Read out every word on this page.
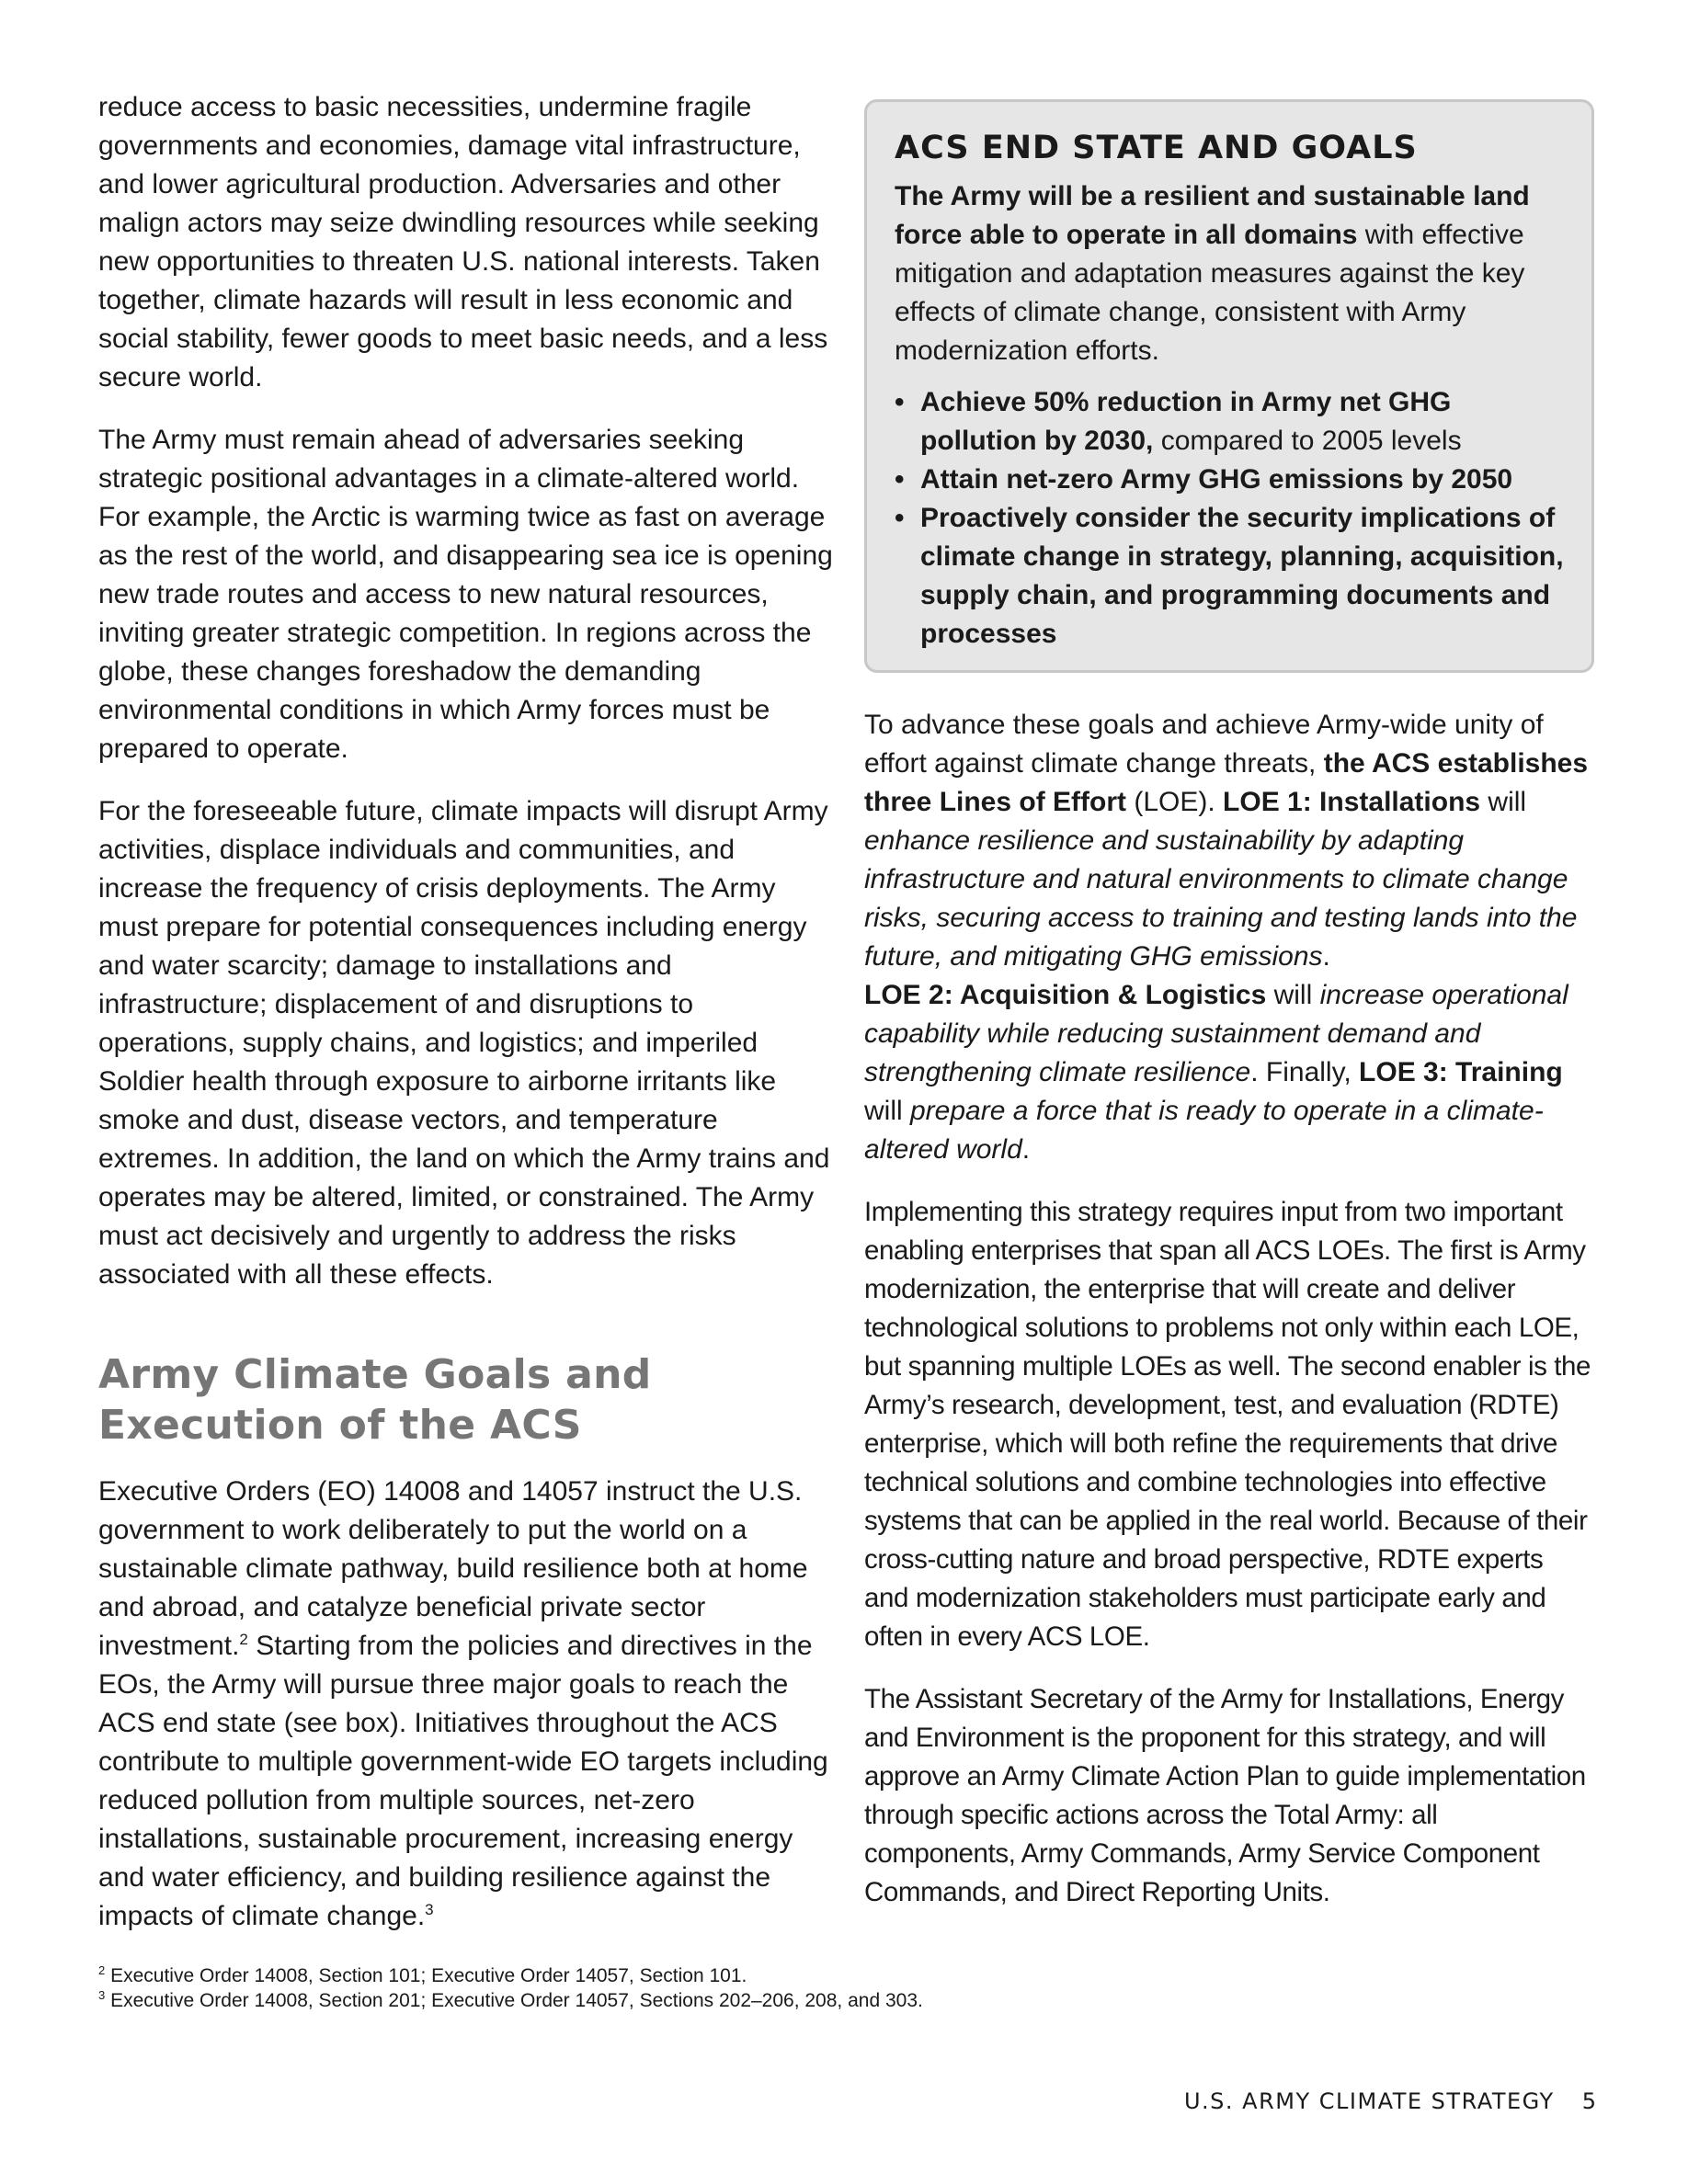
reduce access to basic necessities, undermine fragile governments and economies, damage vital infrastructure, and lower agricultural production. Adversaries and other malign actors may seize dwindling resources while seeking new opportunities to threaten U.S. national interests. Taken together, climate hazards will result in less economic and social stability, fewer goods to meet basic needs, and a less secure world.

The Army must remain ahead of adversaries seeking strategic positional advantages in a climate-altered world. For example, the Arctic is warming twice as fast on average as the rest of the world, and disappearing sea ice is opening new trade routes and access to new natural resources, inviting greater strategic competition. In regions across the globe, these changes foreshadow the demanding environmental conditions in which Army forces must be prepared to operate.

For the foreseeable future, climate impacts will disrupt Army activities, displace individuals and communities, and increase the frequency of crisis deployments. The Army must prepare for potential consequences including energy and water scarcity; damage to installations and infrastructure; displacement of and disruptions to operations, supply chains, and logistics; and imperiled Soldier health through exposure to airborne irritants like smoke and dust, disease vectors, and temperature extremes. In addition, the land on which the Army trains and operates may be altered, limited, or constrained. The Army must act decisively and urgently to address the risks associated with all these effects.

Army Climate Goals and Execution of the ACS

Executive Orders (EO) 14008 and 14057 instruct the U.S. government to work deliberately to put the world on a sustainable climate pathway, build resilience both at home and abroad, and catalyze beneficial private sector investment.$^2$ Starting from the policies and directives in the EOs, the Army will pursue three major goals to reach the ACS end state (see box). Initiatives throughout the ACS contribute to multiple government-wide EO targets including reduced pollution from multiple sources, net-zero installations, sustainable procurement, increasing energy and water efficiency, and building resilience against the impacts of climate change.$^3$

ACS END STATE AND GOALS

The Army will be a resilient and sustainable land force able to operate in all domains with effective mitigation and adaptation measures against the key effects of climate change, consistent with Army modernization efforts.

• Achieve 50% reduction in Army net GHG pollution by 2030, compared to 2005 levels
• Attain net-zero Army GHG emissions by 2050
• Proactively consider the security implications of climate change in strategy, planning, acquisition, supply chain, and programming documents and processes

To advance these goals and achieve Army-wide unity of effort against climate change threats, the ACS establishes three Lines of Effort (LOE). LOE 1: Installations will enhance resilience and sustainability by adapting infrastructure and natural environments to climate change risks, securing access to training and testing lands into the future, and mitigating GHG emissions.
LOE 2: Acquisition & Logistics will increase operational capability while reducing sustainment demand and strengthening climate resilience. Finally, LOE 3: Training will prepare a force that is ready to operate in a climate-altered world.

Implementing this strategy requires input from two important enabling enterprises that span all ACS LOEs. The first is Army modernization, the enterprise that will create and deliver technological solutions to problems not only within each LOE, but spanning multiple LOEs as well. The second enabler is the Army’s research, development, test, and evaluation (RDTE) enterprise, which will both refine the requirements that drive technical solutions and combine technologies into effective systems that can be applied in the real world. Because of their cross-cutting nature and broad perspective, RDTE experts and modernization stakeholders must participate early and often in every ACS LOE.

The Assistant Secretary of the Army for Installations, Energy and Environment is the proponent for this strategy, and will approve an Army Climate Action Plan to guide implementation through specific actions across the Total Army: all components, Army Commands, Army Service Component Commands, and Direct Reporting Units.

$^2$ Executive Order 14008, Section 101; Executive Order 14057, Section 101.
$^3$ Executive Order 14008, Section 201; Executive Order 14057, Sections 202–206, 208, and 303.
U.S. ARMY CLIMATE STRATEGY 5
